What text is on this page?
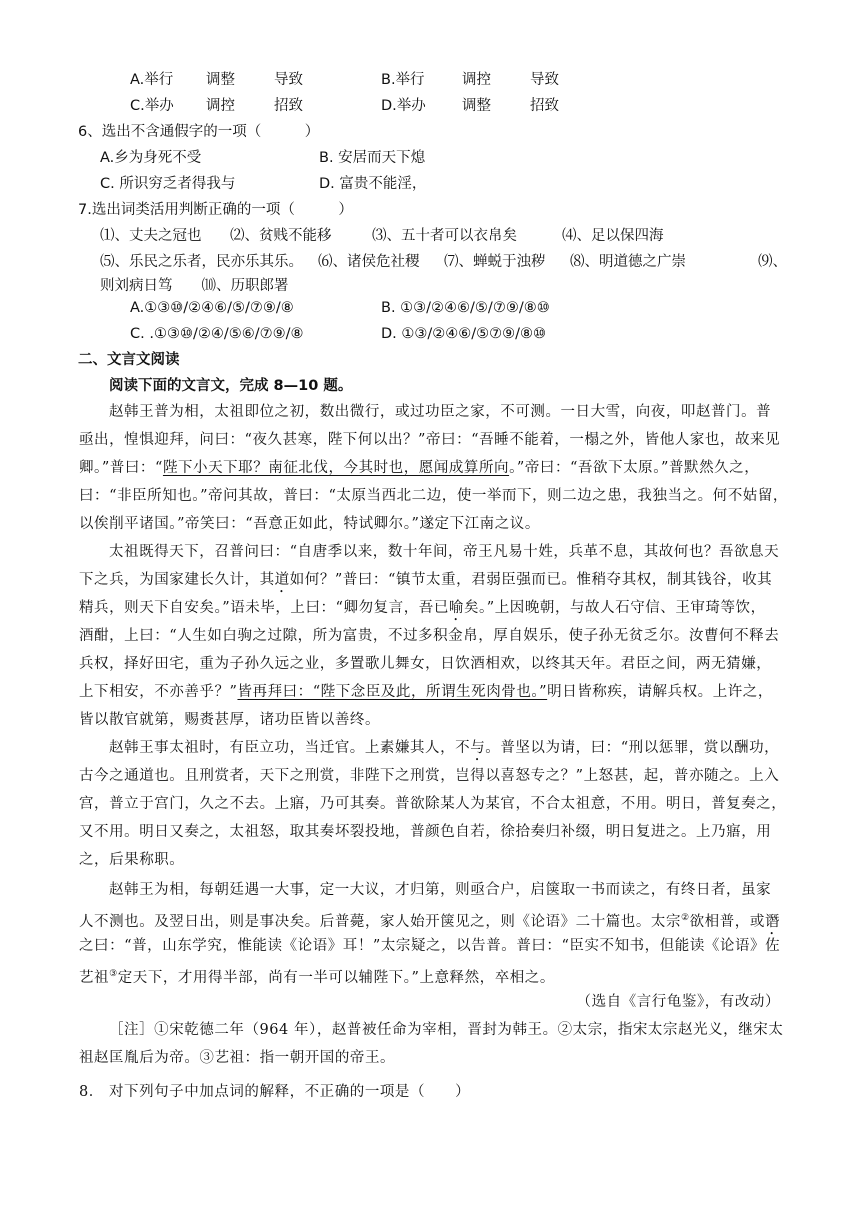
A.举行 调整	导致	B.举行	调控	导致
C.举办 调控	招致	D.举办 调整	招致
6、选出不含通假字的一项（　　　）
A.乡为身死不受	B. 安居而天下熄
C. 所识穷乏者得我与	D. 富贵不能淫，
7.选出词类活用判断正确的一项（　　　）
⑴、丈夫之冠也 ⑵、贫贱不能移	⑶、五十者可以衣帛矣	⑷、足以保四海
⑸、乐民之乐者，民亦乐其乐。 ⑹、诸侯危社稷 ⑺、蝉蜕于浊秽 ⑻、明道德之广崇	⑼、
则刘病日笃　　⑽、历职郎署
A.①③⑩/②④⑥/⑤/⑦⑨/⑧	B. ①③/②④⑥/⑤/⑦⑨/⑧⑩
C. .①③⑩/②④/⑤⑥/⑦⑨/⑧	D. ①③/②④⑥/⑤⑦⑨/⑧⑩
二、文言文阅读
阅读下面的文言文，完成 8—10 题。
赵韩王普为相，太祖即位之初，数出微行，或过功臣之家，不可测。一日大雪，向夜，叩赵普门。普
亟出，惶惧迎拜，问曰：“夜久甚寒，陛下何以出？”帝曰：“吾睡不能着，一榻之外，皆他人家也，故来见
卿。”普曰：“陛下小天下耶？南征北伐，今其时也，愿闻成算所向。”帝曰：“吾欲下太原。”普默然久之，
曰：“非臣所知也。”帝问其故，普曰：“太原当西北二边，使一举而下，则二边之患，我独当之。何不姑留，
以俟削平诸国。”帝笑曰：“吾意正如此，特试卿尔。”遂定下江南之议。
太祖既得天下，召普问曰：“自唐季以来，数十年间，帝王凡易十姓，兵革不息，其故何也？吾欲息天
下之兵，为国家建长久计，其道如何？”普曰：“镇节太重，君弱臣强而已。惟稍夺其权，制其钱谷，收其
精兵，则天下自安矣。”语未毕，上曰：“卿勿复言，吾已喻矣。”上因晚朝，与故人石守信、王审琦等饮，
酒酣，上曰：“人生如白驹之过隙，所为富贵，不过多积金帛，厚自娱乐，使子孙无贫乏尔。汝曹何不释去
兵权，择好田宅，重为子孙久远之业，多置歌儿舞女，日饮酒相欢，以终其天年。君臣之间，两无猜嫌，
上下相安，不亦善乎？”皆再拜曰：“陛下念臣及此，所谓生死肉骨也。”明日皆称疾，请解兵权。上许之，
皆以散官就第，赐赉甚厚，诸功臣皆以善终。
赵韩王事太祖时，有臣立功，当迁官。上素嫌其人，不与。普坚以为请，曰：“刑以惩罪，赏以酬功，
古今之通道也。且刑赏者，天下之刑赏，非陛下之刑赏，岂得以喜怒专之？”上怒甚，起，普亦随之。上入
宫，普立于宫门，久之不去。上寤，乃可其奏。普欲除某人为某官，不合太祖意，不用。明日，普复奏之，
又不用。明日又奏之，太祖怒，取其奏坏裂投地，普颜色自若，徐拾奏归补缀，明日复进之。上乃寤，用
之，后果称职。
赵韩王为相，每朝廷遇一大事，定一大议，才归第，则亟合户，启箧取一书而读之，有终日者，虽家
人不测也。及翌日出，则是事决矣。后普薨，家人始开箧见之，则《论语》二十篇也。太宗②欲相普，或谮
之曰：“普，山东学究，惟能读《论语》耳！”太宗疑之，以告普。普曰：“臣实不知书，但能读《论语》佐
艺祖③定天下，才用得半部，尚有一半可以辅陛下。”上意释然，卒相之。
（选自《言行龟鉴》，有改动）
［注］①宋乾德二年（964 年），赵普被任命为宰相，晋封为韩王。②太宗，指宋太宗赵光义，继宋太
祖赵匡胤后为帝。③艺祖：指一朝开国的帝王。
8． 对下列句子中加点词的解释，不正确的一项是（　　）
